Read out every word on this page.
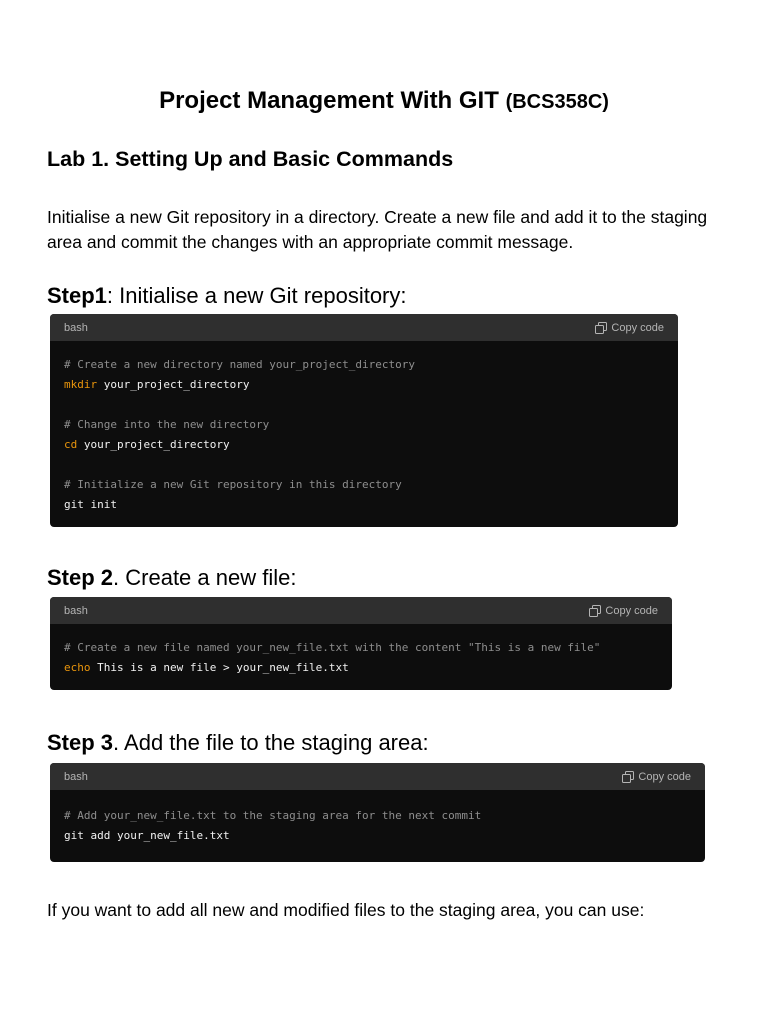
Project Management With GIT (BCS358C)
Lab 1. Setting Up and Basic Commands

Initialise a new Git repository in a directory. Create a new file and add it to the staging area and commit the changes with an appropriate commit message.

Step1: Initialise a new Git repository:

bash	Copy code
# Create a new directory named your_project_directory
mkdir your_project_directory
# Change into the new directory
cd your_project_directory
# Initialize a new Git repository in this directory
git init

Step 2. Create a new file:

bash	Copy code
# Create a new file named your_new_file.txt with the content "This is a new file"
echo This is a new file > your_new_file.txt

Step 3. Add the file to the staging area:

bash	Copy code
# Add your_new_file.txt to the staging area for the next commit
git add your_new_file.txt

If you want to add all new and modified files to the staging area, you can use:
